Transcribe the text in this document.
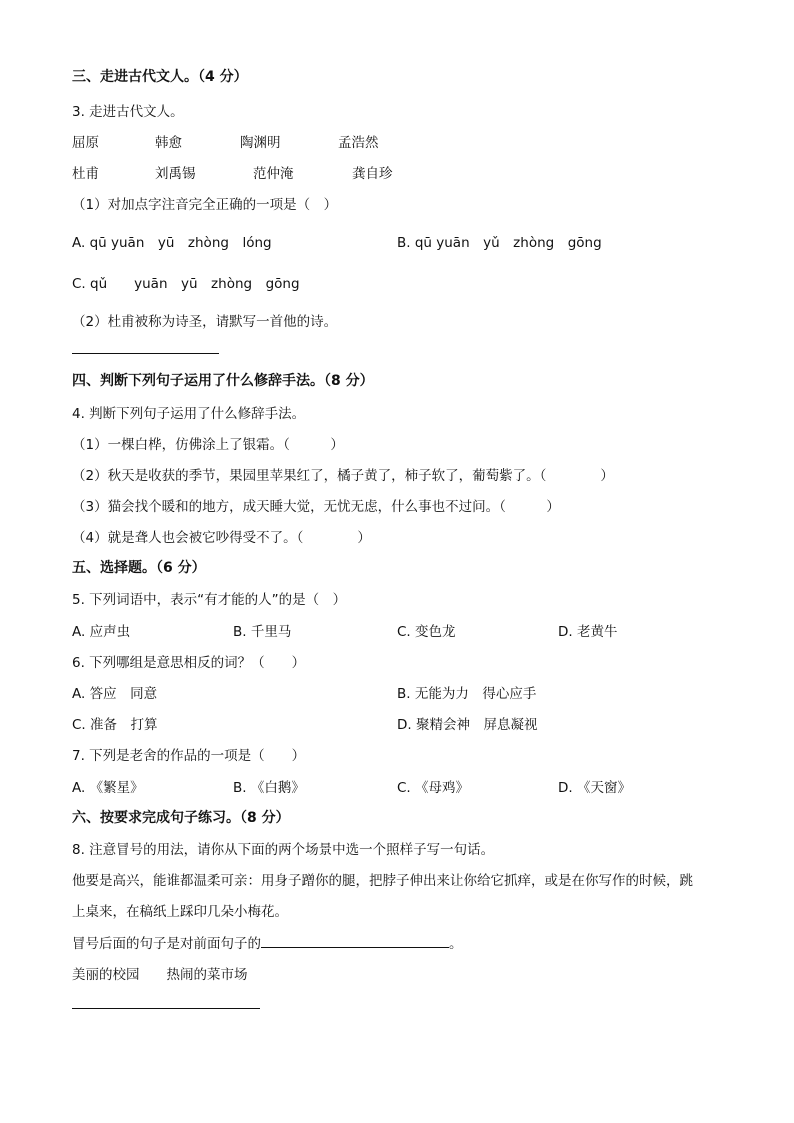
三、走进古代文人。（4 分）
3. 走进古代文人。
屈原	韩愈	陶渊明	孟浩然
杜甫	刘禹锡	范仲淹	龚自珍
（1）对加点字注音完全正确的一项是（　）
A. qū yuān　yū　zhòng　lóng	B. qū yuān　yǔ　zhòng　gōng
C. qǔ　　yuān　yū　zhòng　gōng
（2）杜甫被称为诗圣，请默写一首他的诗。
四、判断下列句子运用了什么修辞手法。（8 分）
4. 判断下列句子运用了什么修辞手法。
（1）一棵白桦，仿佛涂上了银霜。（　　　）
（2）秋天是收获的季节，果园里苹果红了，橘子黄了，柿子软了，葡萄紫了。（　　　　）
（3）猫会找个暖和的地方，成天睡大觉，无忧无虑，什么事也不过问。（　　　）
（4）就是聋人也会被它吵得受不了。（　　　　）
五、选择题。（6 分）
5. 下列词语中，表示“有才能的人”的是（　）
A. 应声虫	B. 千里马	C. 变色龙	D. 老黄牛
6. 下列哪组是意思相反的词？（　　）
A. 答应　同意	B. 无能为力　得心应手
C. 准备　打算	D. 聚精会神　屏息凝视
7. 下列是老舍的作品的一项是（　　）
A. 《繁星》	B. 《白鹅》	C. 《母鸡》	D. 《天窗》
六、按要求完成句子练习。（8 分）
8. 注意冒号的用法，请你从下面的两个场景中选一个照样子写一句话。
他要是高兴，能谁都温柔可亲：用身子蹭你的腿，把脖子伸出来让你给它抓痒，或是在你写作的时候，跳
上桌来，在稿纸上踩印几朵小梅花。
冒号后面的句子是对前面句子的	。
美丽的校园　　热闹的菜市场
